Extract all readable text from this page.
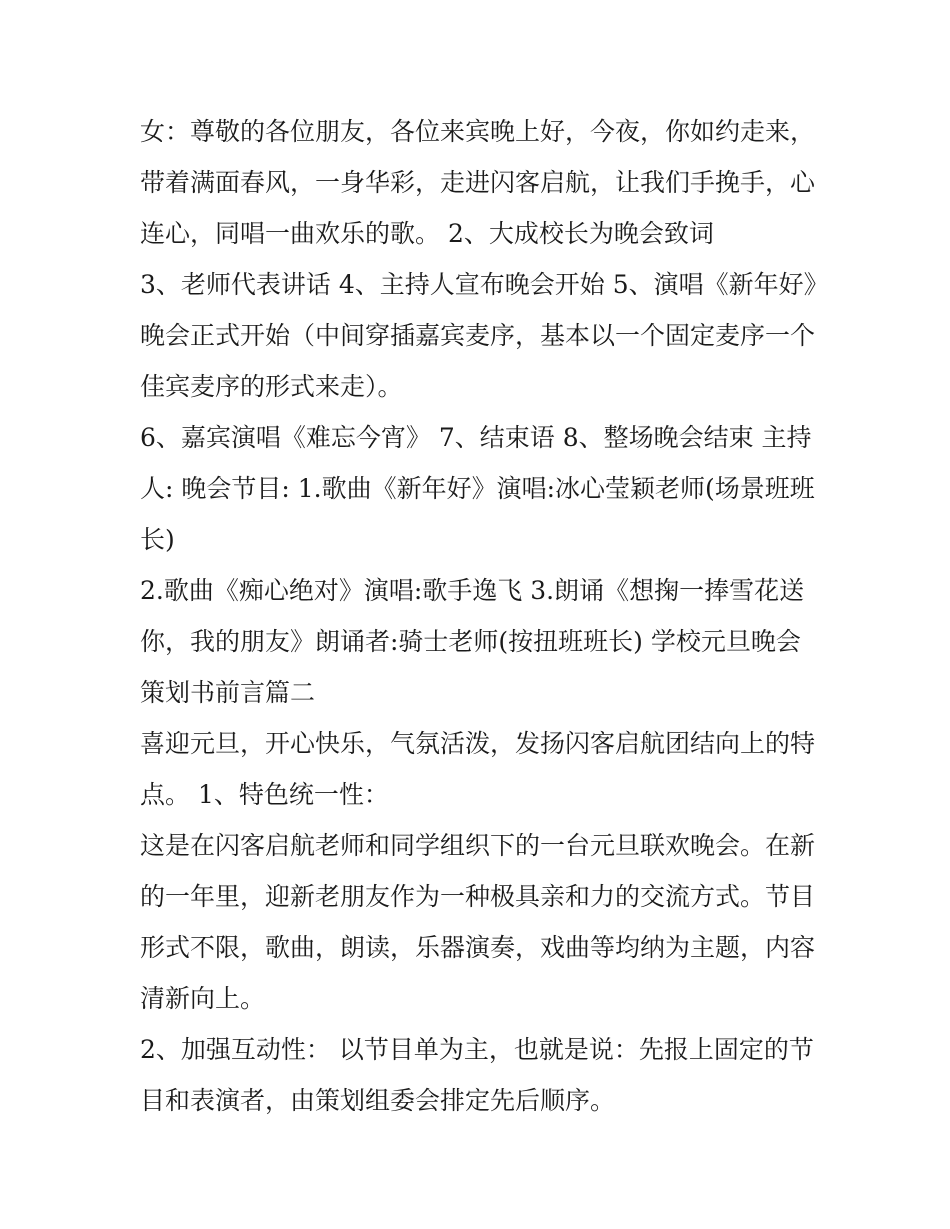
女：尊敬的各位朋友，各位来宾晚上好，今夜，你如约走来，带着满面春风，一身华彩，走进闪客启航，让我们手挽手，心连心，同唱一曲欢乐的歌。 2、大成校长为晚会致词

3、老师代表讲话 4、主持人宣布晚会开始 5、演唱《新年好》晚会正式开始（中间穿插嘉宾麦序，基本以一个固定麦序一个佳宾麦序的形式来走）。

6、嘉宾演唱《难忘今宵》 7、结束语 8、整场晚会结束 主持人: 晚会节目: 1.歌曲《新年好》演唱:冰心莹颖老师(场景班班长)

2.歌曲《痴心绝对》演唱:歌手逸飞 3.朗诵《想掬一捧雪花送你，我的朋友》朗诵者:骑士老师(按扭班班长) 学校元旦晚会策划书前言篇二

喜迎元旦，开心快乐，气氛活泼，发扬闪客启航团结向上的特点。 1、特色统一性：

这是在闪客启航老师和同学组织下的一台元旦联欢晚会。在新的一年里，迎新老朋友作为一种极具亲和力的交流方式。节目形式不限，歌曲，朗读，乐器演奏，戏曲等均纳为主题，内容清新向上。

2、加强互动性： 以节目单为主，也就是说：先报上固定的节目和表演者，由策划组委会排定先后顺序。
